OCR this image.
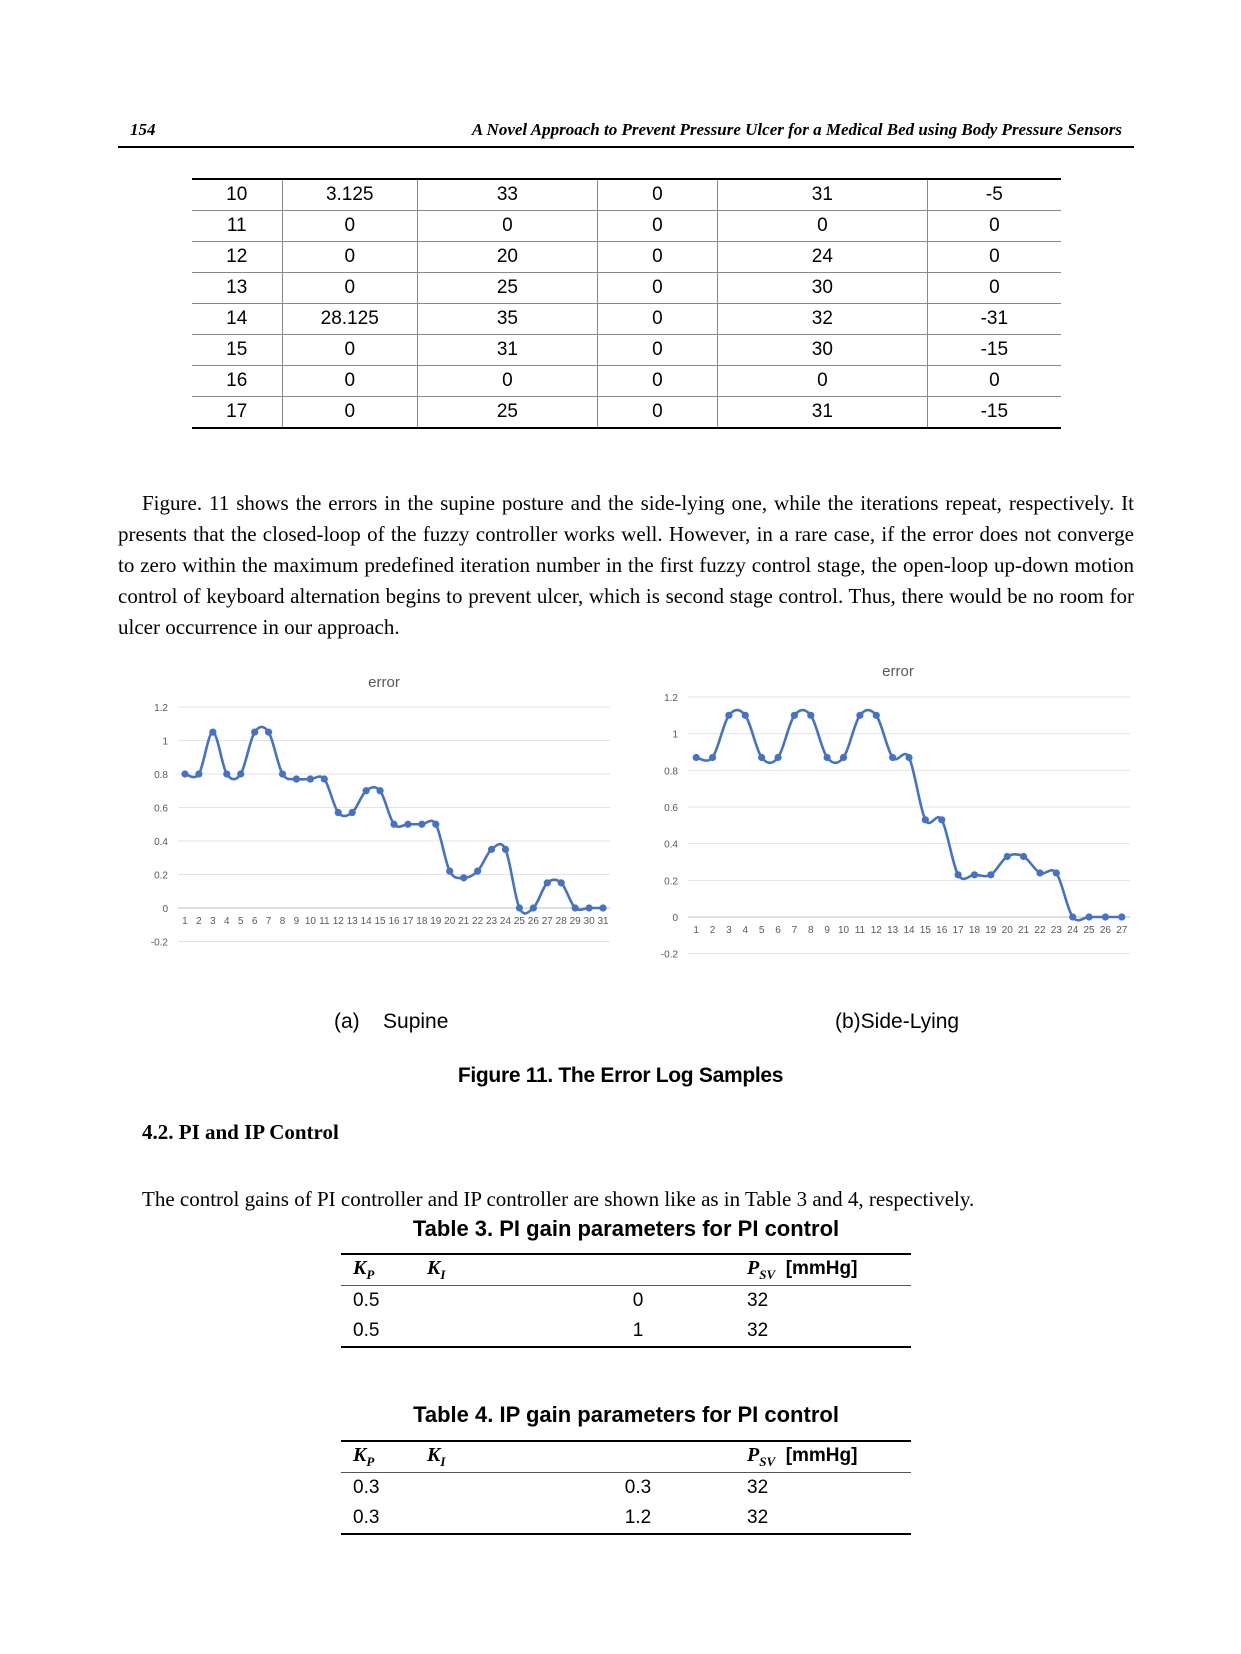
154	A Novel Approach to Prevent Pressure Ulcer for a Medical Bed using Body Pressure Sensors
10	3.125	33	0	31	-5
11	0	0	0	0	0
12	0	20	0	24	0
13	0	25	0	30	0
14	28.125	35	0	32	-31
15	0	31	0	30	-15
16	0	0	0	0	0
17	0	25	0	31	-15

Figure. 11 shows the errors in the supine posture and the side-lying one, while the iterations repeat, respectively. It presents that the closed-loop of the fuzzy controller works well. However, in a rare case, if the error does not converge to zero within the maximum predefined iteration number in the first fuzzy control stage, the open-loop up-down motion control of keyboard alternation begins to prevent ulcer, which is second stage control. Thus, there would be no room for ulcer occurrence in our approach.

error
1.2
1
0.8
0.6
0.4
0.2
0
-0.2
1 2 3 4 5 6 7 8 9 10 11 12 13 14 15 16 17 18 19 20 21 22 23 24 25 26 27 28 29 30 31
error
1.2
1
0.8
0.6
0.4
0.2
0
-0.2
1 2 3 4 5 6 7 8 9 10 11 12 13 14 15 16 17 18 19 20 21 22 23 24 25 26 27
(a)    Supine	(b)Side-Lying
Figure 11. The Error Log Samples
4.2. PI and IP Control

The control gains of PI controller and IP controller are shown like as in Table 3 and 4, respectively.

Table 3. PI gain parameters for PI control
$K_P$	$K_I$		$P_{SV}$ [mmHg]
0.5		0	32
0.5		1	32
Table 4. IP gain parameters for PI control
$K_P$	$K_I$		$P_{SV}$ [mmHg]
0.3		0.3	32
0.3		1.2	32
